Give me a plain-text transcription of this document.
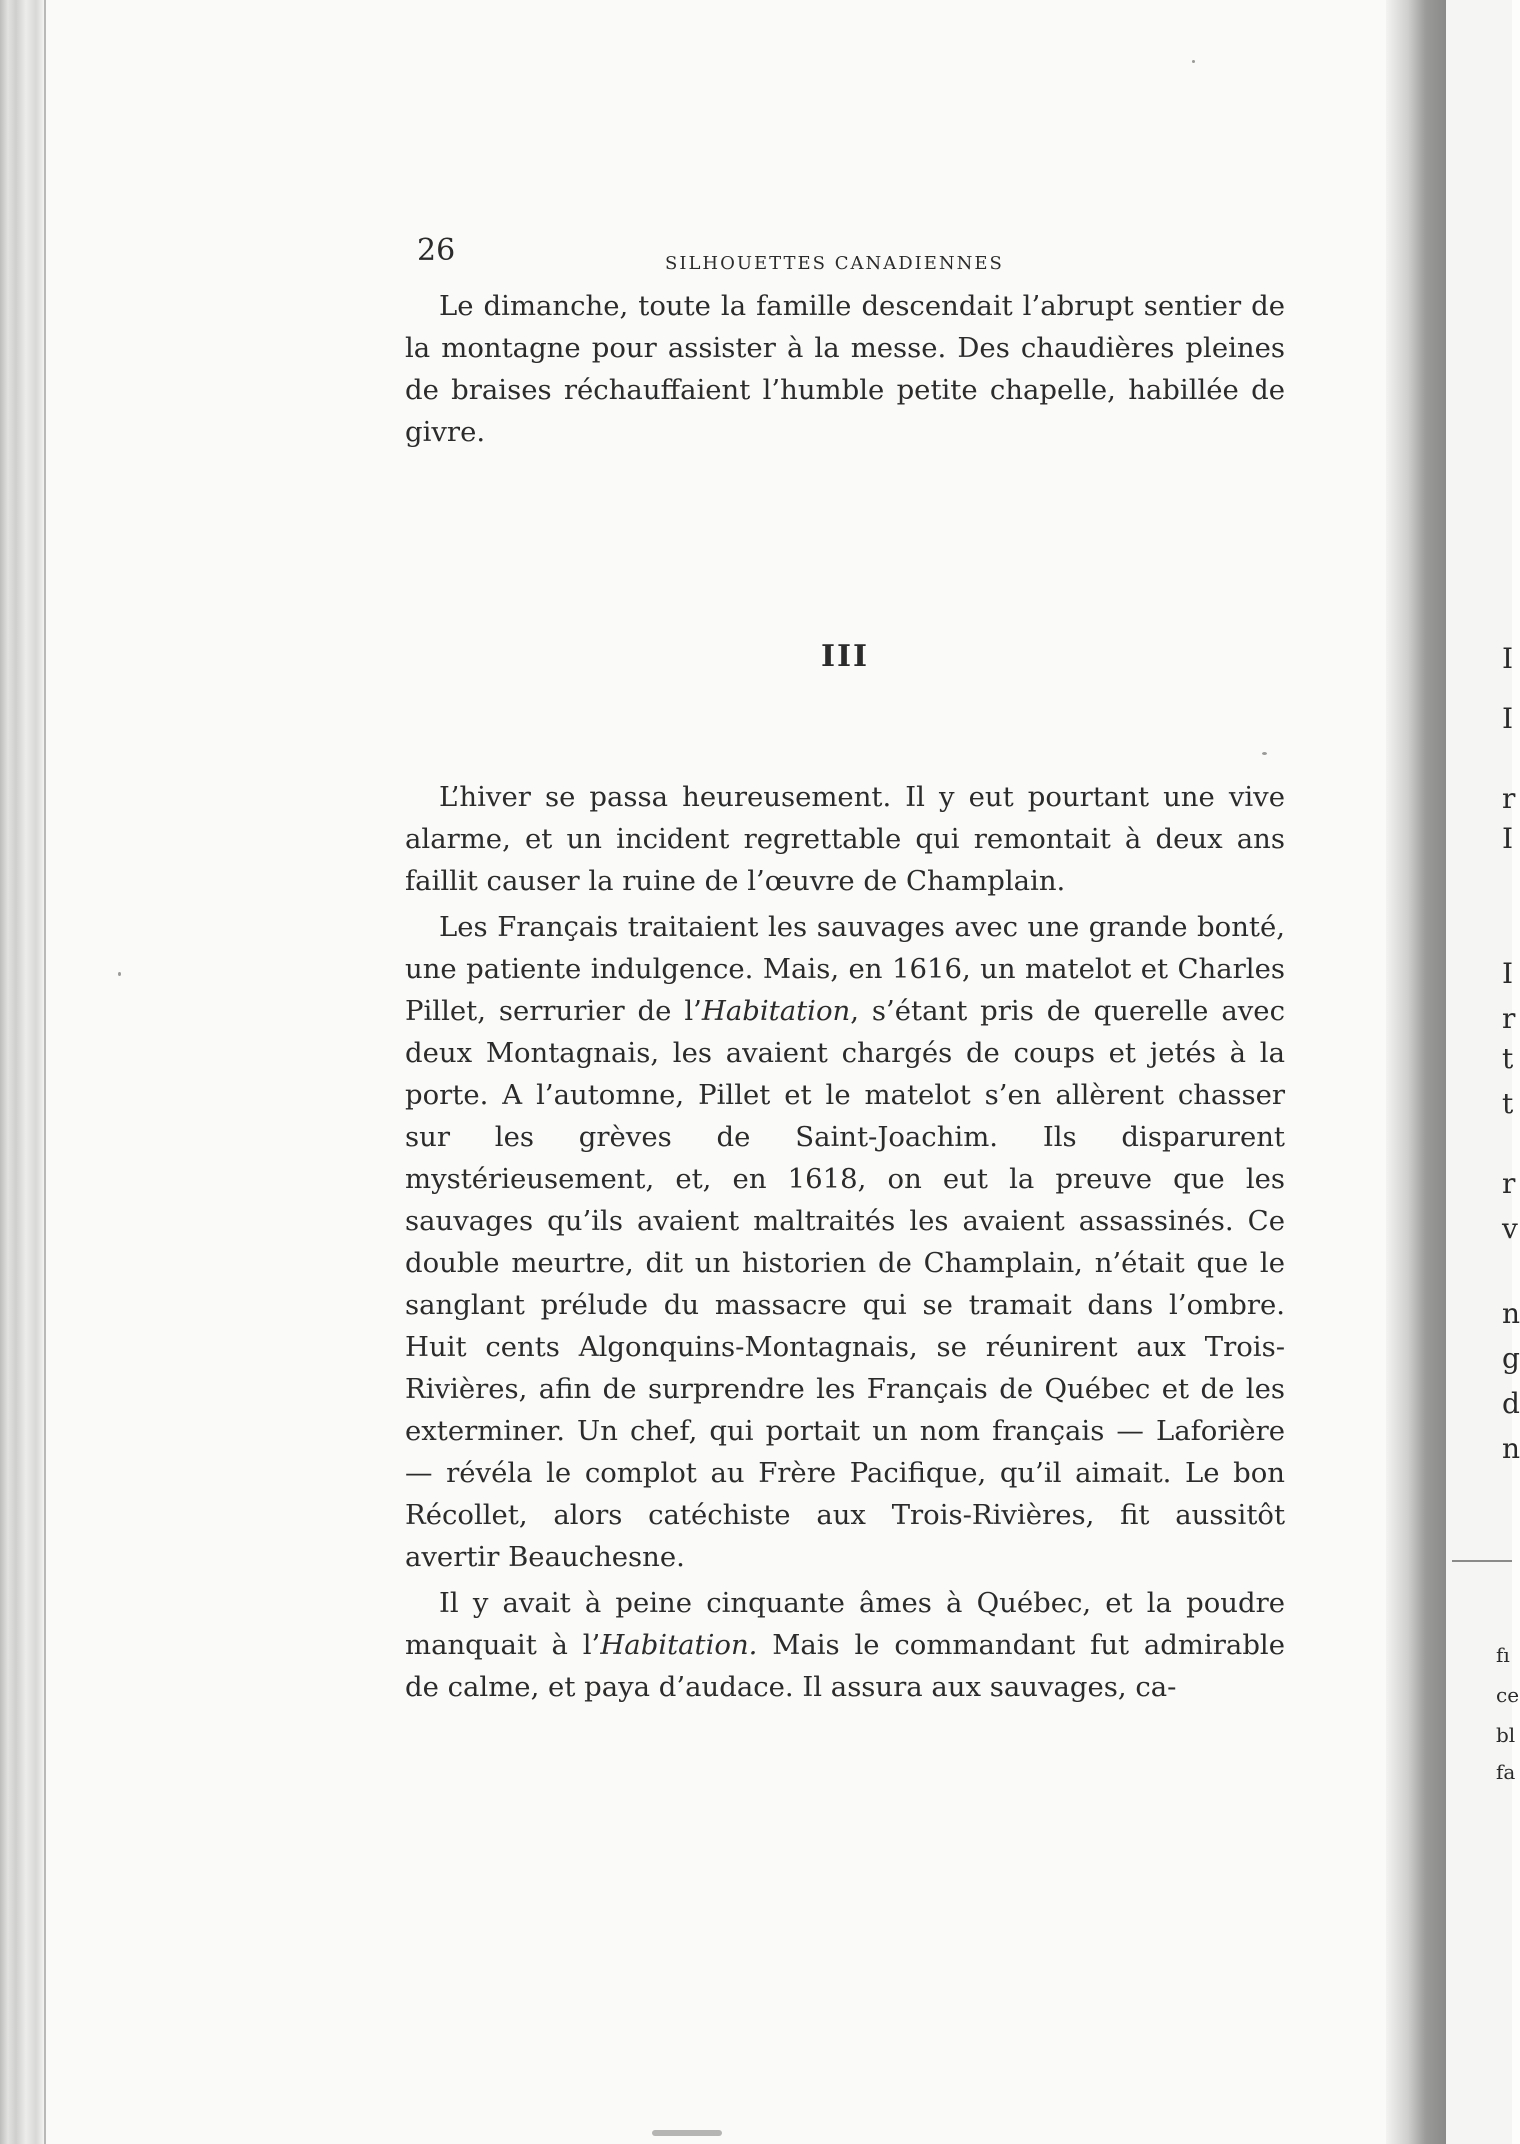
I
I
r
I
I
r
t
t
r
v
n
g
d
n
fı
ce
bl
fa
26	SILHOUETTES CANADIENNES

Le dimanche, toute la famille descendait l’abrupt sentier de la montagne pour assister à la messe. Des chaudières pleines de braises réchauffaient l’humble petite chapelle, habillée de givre.

III

L’hiver se passa heureusement. Il y eut pourtant une vive alarme, et un incident regrettable qui remontait à deux ans faillit causer la ruine de l’œuvre de Champlain.

Les Français traitaient les sauvages avec une grande bonté, une patiente indulgence. Mais, en 1616, un matelot et Charles Pillet, serrurier de l’Habitation, s’étant pris de querelle avec deux Montagnais, les avaient chargés de coups et jetés à la porte. A l’automne, Pillet et le matelot s’en allèrent chasser sur les grèves de Saint-Joachim. Ils disparurent mystérieusement, et, en 1618, on eut la preuve que les sauvages qu’ils avaient maltraités les avaient assassinés. Ce double meurtre, dit un historien de Champlain, n’était que le sanglant prélude du massacre qui se tramait dans l’ombre. Huit cents Algonquins-Montagnais, se réunirent aux Trois-Rivières, afin de surprendre les Français de Québec et de les exterminer. Un chef, qui portait un nom français — Laforière — révéla le complot au Frère Pacifique, qu’il aimait. Le bon Récollet, alors catéchiste aux Trois-Rivières, fit aussitôt avertir Beauchesne.

Il y avait à peine cinquante âmes à Québec, et la poudre manquait à l’Habitation. Mais le commandant fut admirable de calme, et paya d’audace. Il assura aux sauvages, ca-
